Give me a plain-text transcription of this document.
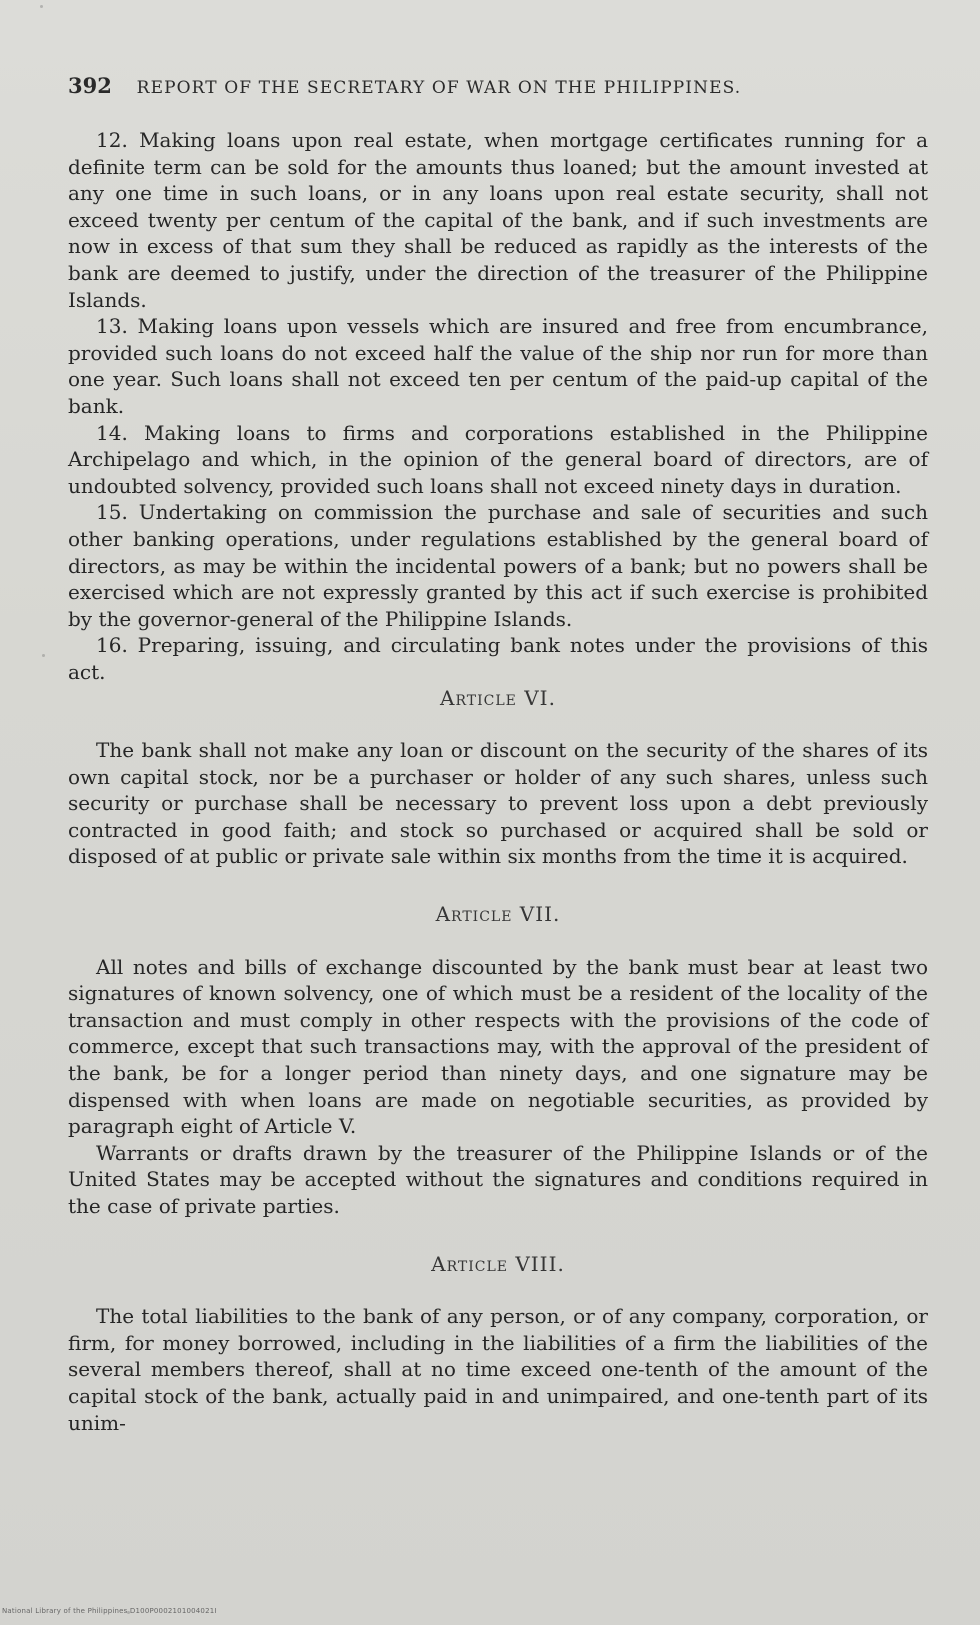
392 REPORT OF THE SECRETARY OF WAR ON THE PHILIPPINES.

12. Making loans upon real estate, when mortgage certificates running for a definite term can be sold for the amounts thus loaned; but the amount invested at any one time in such loans, or in any loans upon real estate security, shall not exceed twenty per centum of the capital of the bank, and if such investments are now in excess of that sum they shall be reduced as rapidly as the interests of the bank are deemed to justify, under the direction of the treasurer of the Philippine Islands.

13. Making loans upon vessels which are insured and free from encumbrance, provided such loans do not exceed half the value of the ship nor run for more than one year. Such loans shall not exceed ten per centum of the paid-up capital of the bank.

14. Making loans to firms and corporations established in the Philippine Archipelago and which, in the opinion of the general board of directors, are of undoubted solvency, provided such loans shall not exceed ninety days in duration.

15. Undertaking on commission the purchase and sale of securities and such other banking operations, under regulations established by the general board of directors, as may be within the incidental powers of a bank; but no powers shall be exercised which are not expressly granted by this act if such exercise is prohibited by the governor-general of the Philippine Islands.

16. Preparing, issuing, and circulating bank notes under the provisions of this act.

Article VI.

The bank shall not make any loan or discount on the security of the shares of its own capital stock, nor be a purchaser or holder of any such shares, unless such security or purchase shall be necessary to prevent loss upon a debt previously contracted in good faith; and stock so purchased or acquired shall be sold or disposed of at public or private sale within six months from the time it is acquired.

Article VII.

All notes and bills of exchange discounted by the bank must bear at least two signatures of known solvency, one of which must be a resident of the locality of the transaction and must comply in other respects with the provisions of the code of commerce, except that such transactions may, with the approval of the president of the bank, be for a longer period than ninety days, and one signature may be dispensed with when loans are made on negotiable securities, as provided by paragraph eight of Article V.

Warrants or drafts drawn by the treasurer of the Philippine Islands or of the United States may be accepted without the signatures and conditions required in the case of private parties.

Article VIII.

The total liabilities to the bank of any person, or of any company, corporation, or firm, for money borrowed, including in the liabilities of a firm the liabilities of the several members thereof, shall at no time exceed one-tenth of the amount of the capital stock of the bank, actually paid in and unimpaired, and one-tenth part of its unim-

National Library of the Philippines D100P0002101004021I
